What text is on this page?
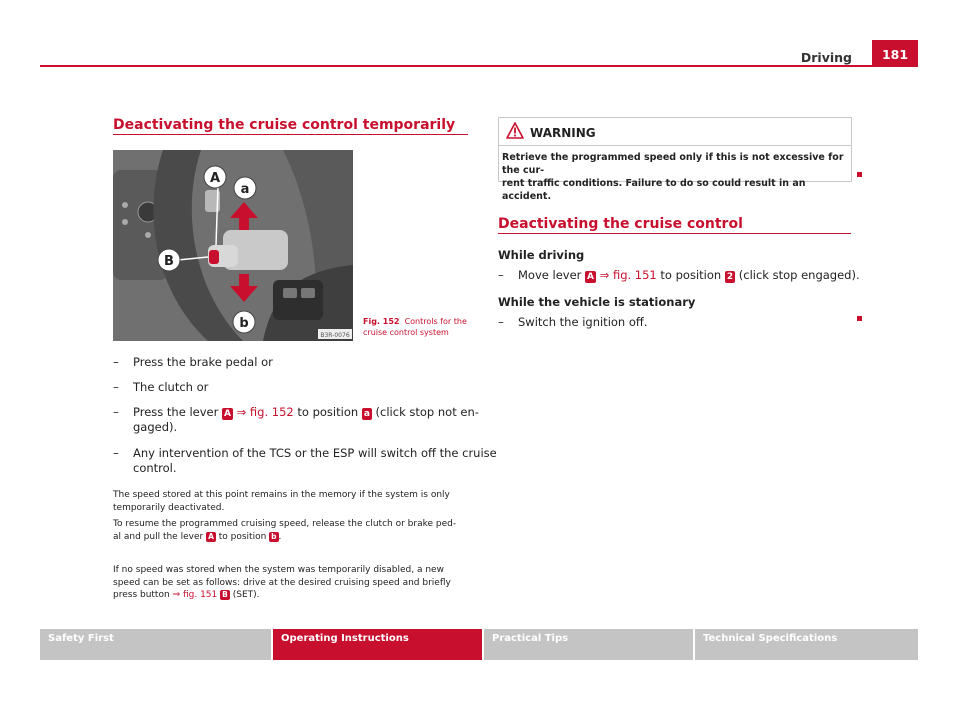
Driving	181
Deactivating the cruise control temporarily
A
a
B
b
B3R-0076
Fig. 152 Controls for the cruise control system
– Press the brake pedal or
– The clutch or
– Press the lever A ⇒ fig. 152 to position a (click stop not en-
gaged).
– Any intervention of the TCS or the ESP will switch off the cruise
control.
The speed stored at this point remains in the memory if the system is only
temporarily deactivated.
To resume the programmed cruising speed, release the clutch or brake ped-
al and pull the lever A to position b .
If no speed was stored when the system was temporarily disabled, a new
speed can be set as follows: drive at the desired cruising speed and briefly
press button ⇒ fig. 151 B (SET).
WARNING
Retrieve the programmed speed only if this is not excessive for the cur-
rent traffic conditions. Failure to do so could result in an accident.
Deactivating the cruise control
While driving
– Move lever A ⇒ fig. 151 to position 2 (click stop engaged).
While the vehicle is stationary
– Switch the ignition off.
Safety First	Operating Instructions	Practical Tips	Technical Specifications
